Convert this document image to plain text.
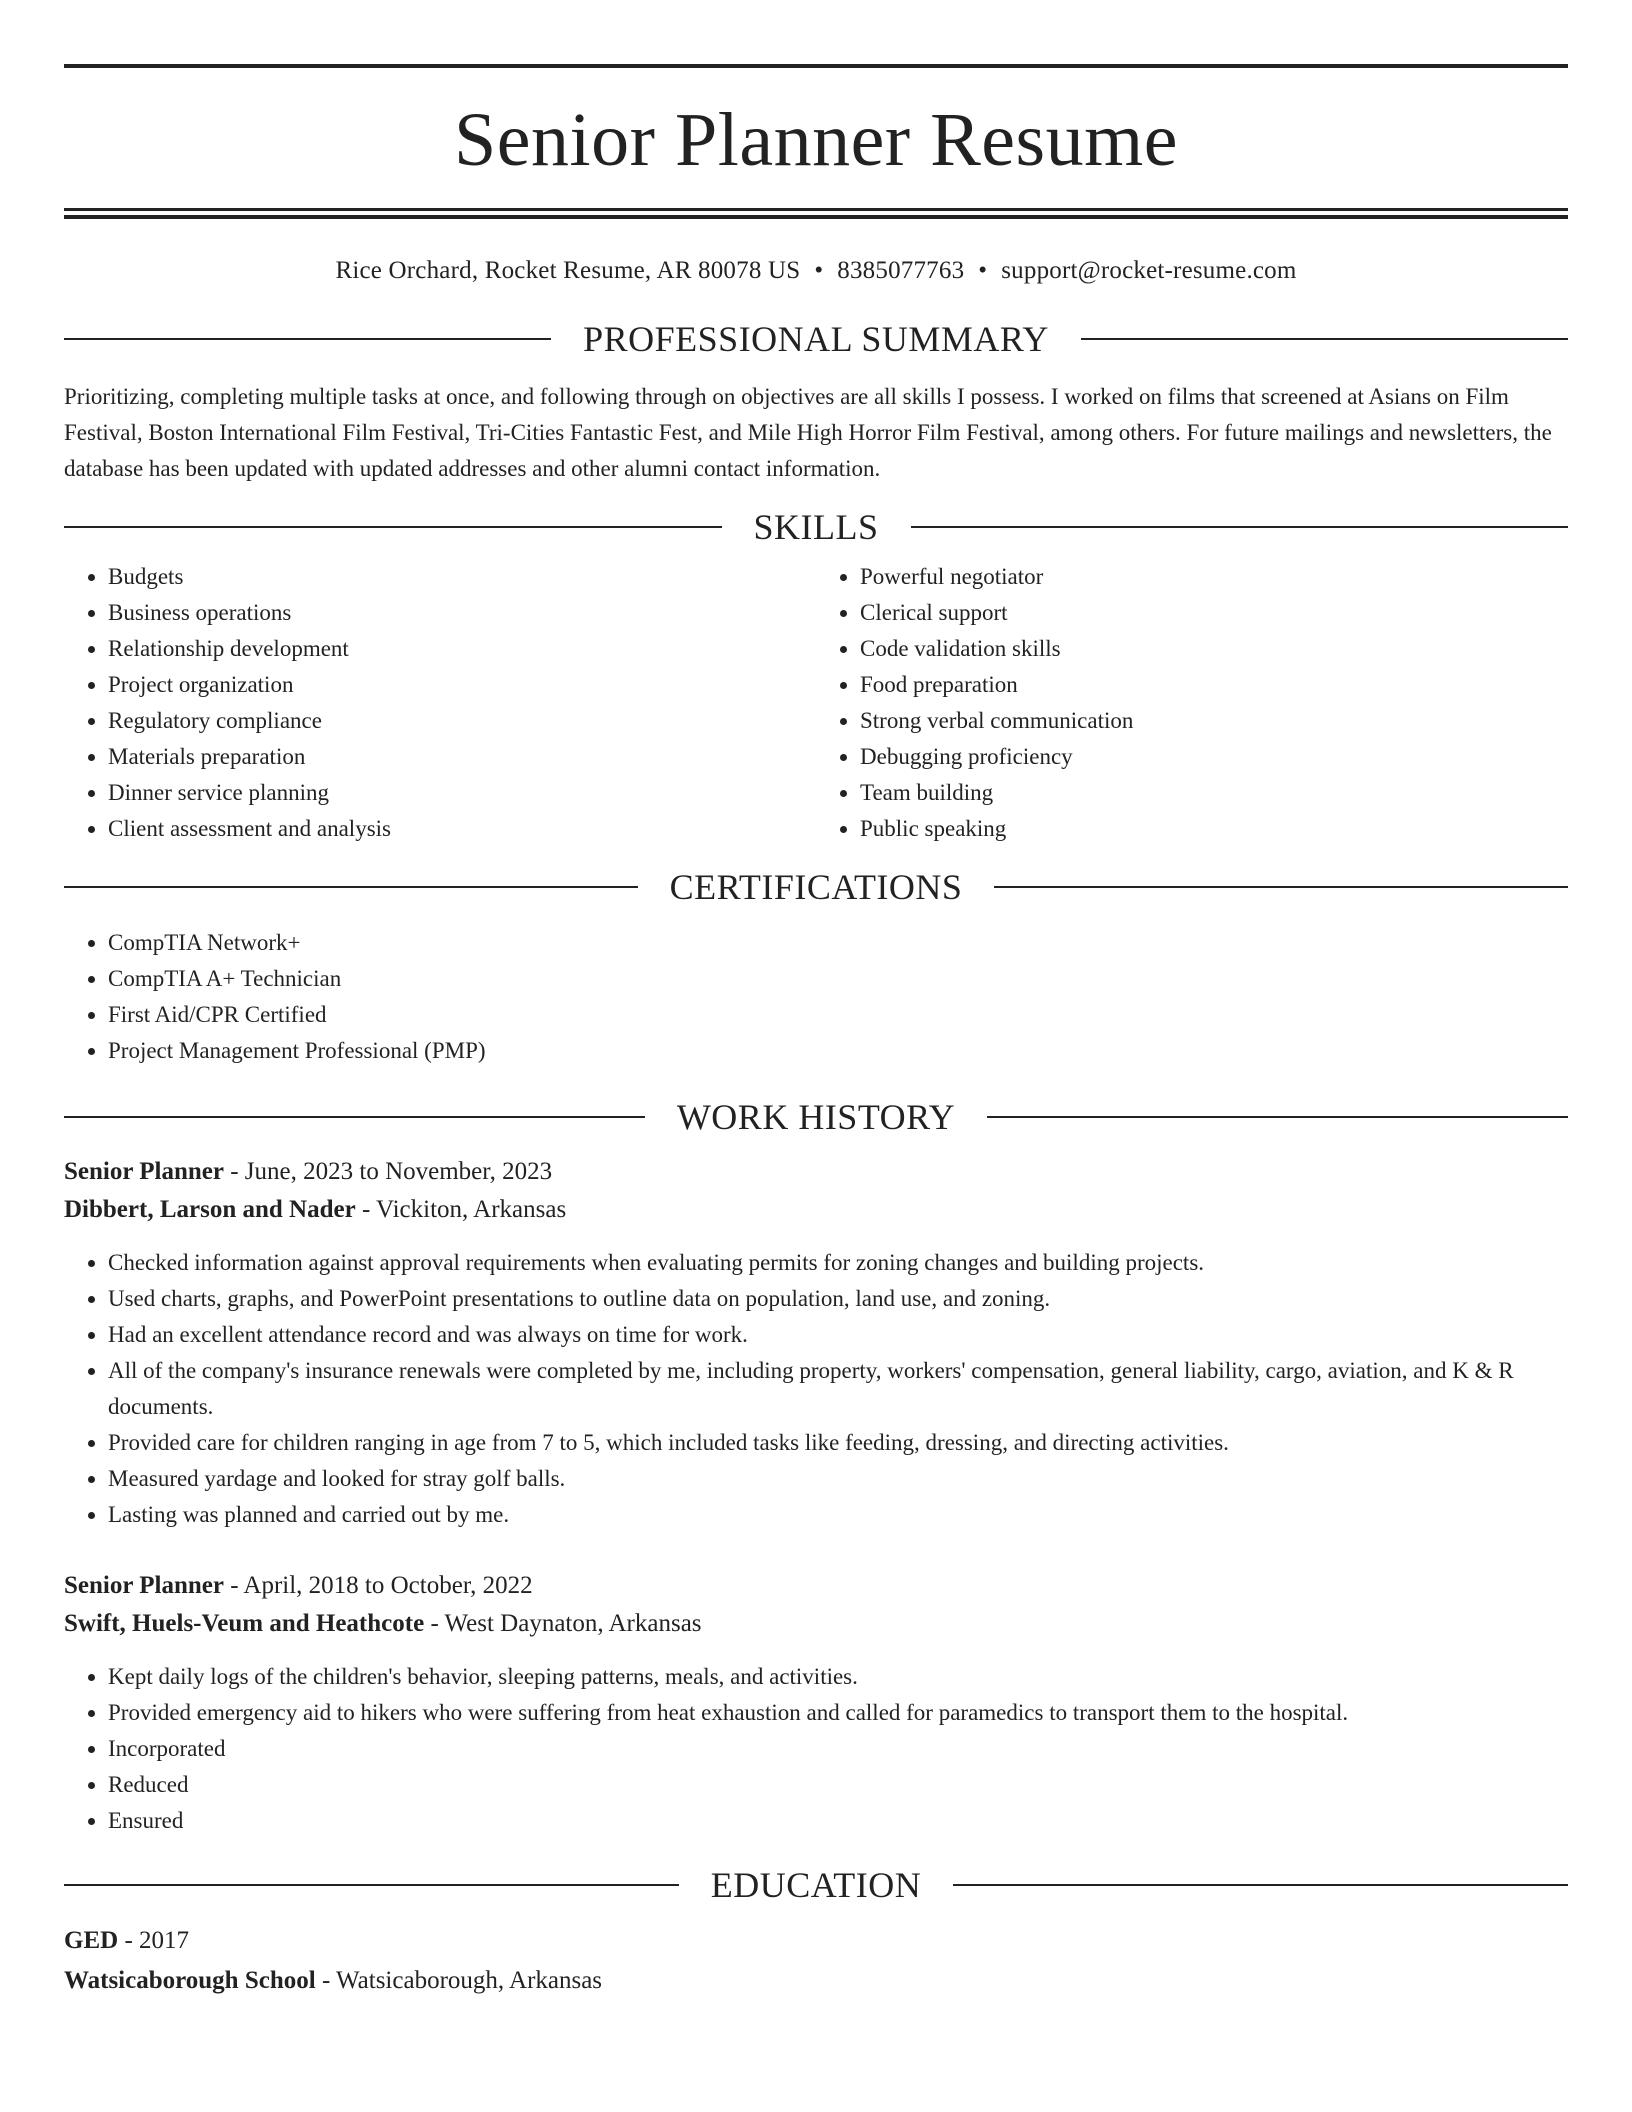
Senior Planner Resume
Rice Orchard, Rocket Resume, AR 80078 US • 8385077763 • support@rocket-resume.com
PROFESSIONAL SUMMARY

Prioritizing, completing multiple tasks at once, and following through on objectives are all skills I possess. I worked on films that screened at Asians on Film Festival, Boston International Film Festival, Tri-Cities Fantastic Fest, and Mile High Horror Film Festival, among others. For future mailings and newsletters, the database has been updated with updated addresses and other alumni contact information.

SKILLS
• Budgets
• Business operations
• Relationship development
• Project organization
• Regulatory compliance
• Materials preparation
• Dinner service planning
• Client assessment and analysis
• Powerful negotiator
• Clerical support
• Code validation skills
• Food preparation
• Strong verbal communication
• Debugging proficiency
• Team building
• Public speaking
CERTIFICATIONS
• CompTIA Network+
• CompTIA A+ Technician
• First Aid/CPR Certified
• Project Management Professional (PMP)
WORK HISTORY
Senior Planner - June, 2023 to November, 2023
Dibbert, Larson and Nader - Vickiton, Arkansas
• Checked information against approval requirements when evaluating permits for zoning changes and building projects.
• Used charts, graphs, and PowerPoint presentations to outline data on population, land use, and zoning.
• Had an excellent attendance record and was always on time for work.
• All of the company's insurance renewals were completed by me, including property, workers' compensation, general liability, cargo, aviation, and K & R documents.
• Provided care for children ranging in age from 7 to 5, which included tasks like feeding, dressing, and directing activities.
• Measured yardage and looked for stray golf balls.
• Lasting was planned and carried out by me.
Senior Planner - April, 2018 to October, 2022
Swift, Huels-Veum and Heathcote - West Daynaton, Arkansas
• Kept daily logs of the children's behavior, sleeping patterns, meals, and activities.
• Provided emergency aid to hikers who were suffering from heat exhaustion and called for paramedics to transport them to the hospital.
• Incorporated
• Reduced
• Ensured
EDUCATION
GED - 2017
Watsicaborough School - Watsicaborough, Arkansas
